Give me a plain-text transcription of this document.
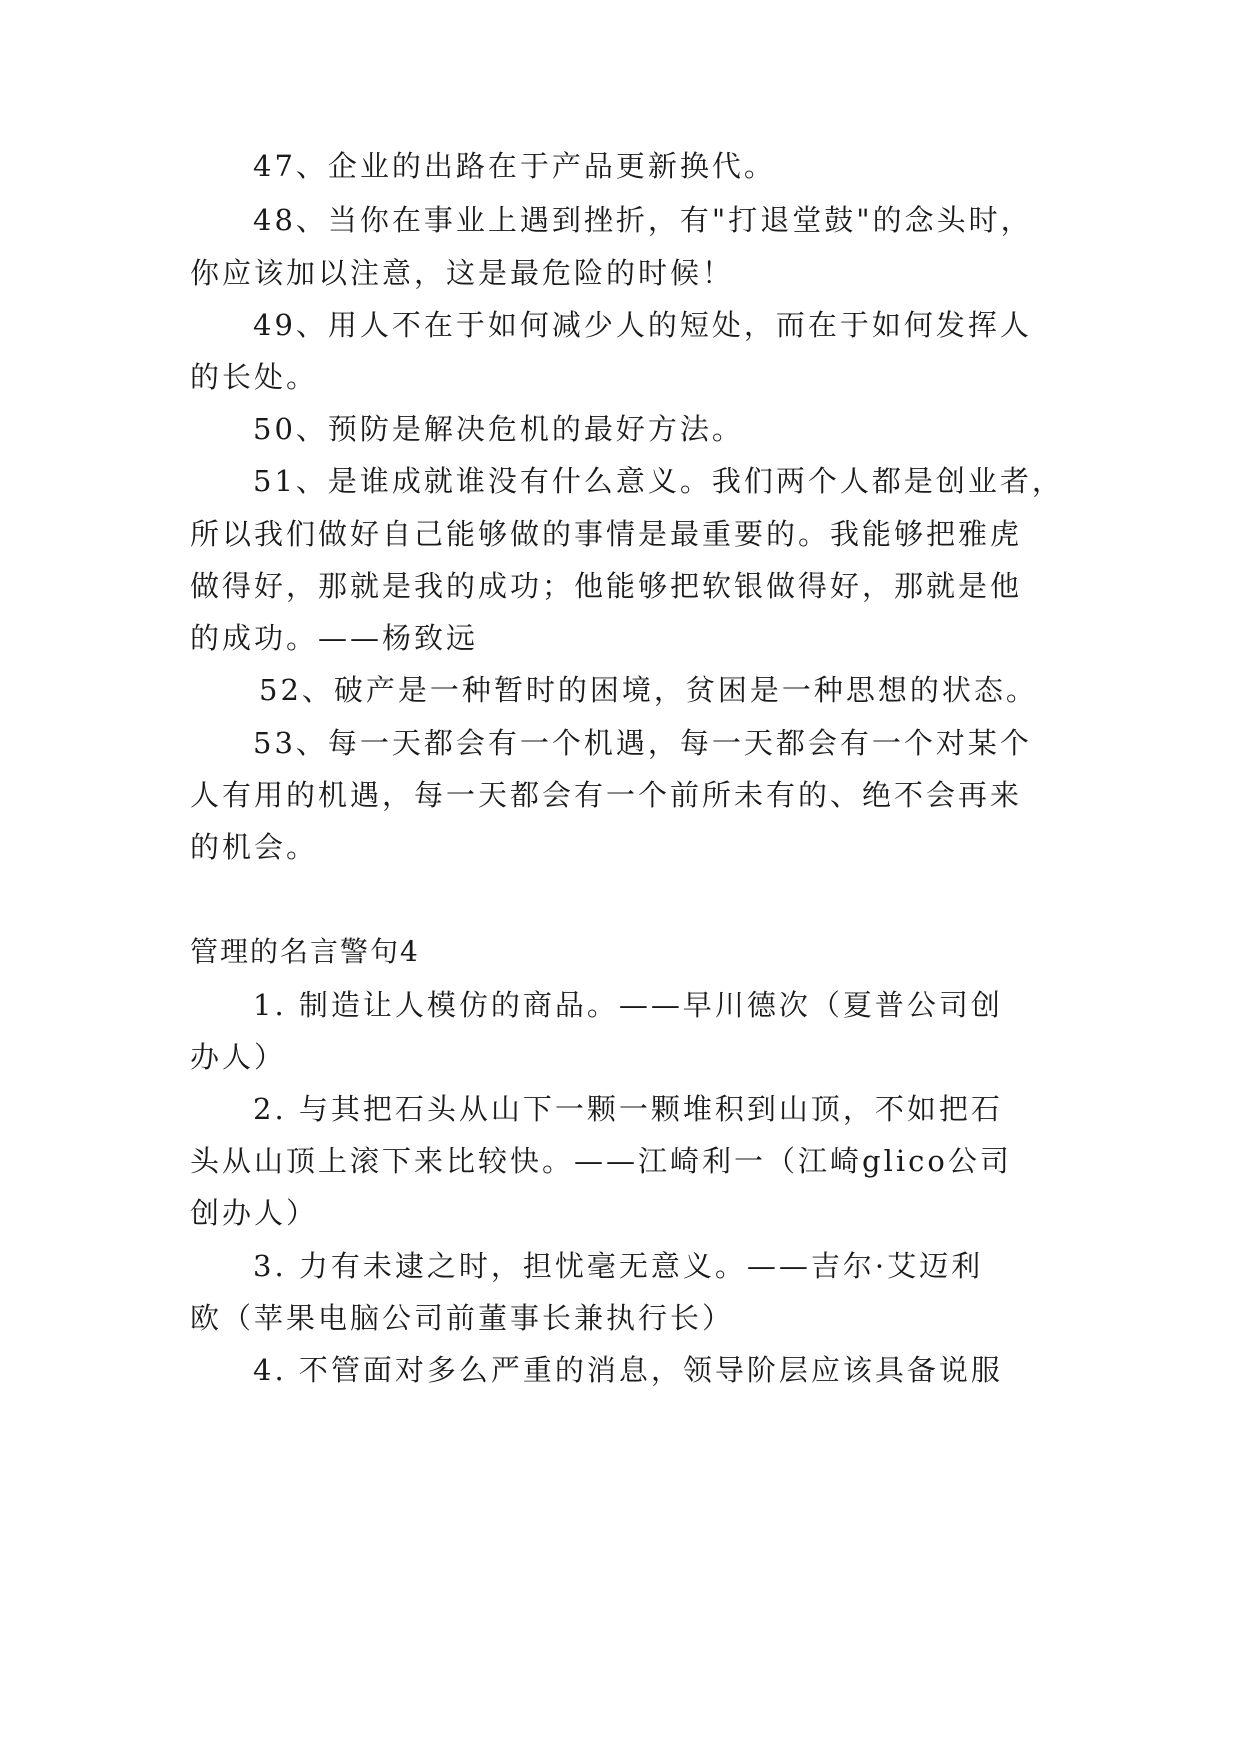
47、企业的出路在于产品更新换代。
48、当你在事业上遇到挫折，有"打退堂鼓"的念头时，
你应该加以注意，这是最危险的时候！
49、用人不在于如何减少人的短处，而在于如何发挥人
的长处。
50、预防是解决危机的最好方法。
51、是谁成就谁没有什么意义。我们两个人都是创业者，
所以我们做好自己能够做的事情是最重要的。我能够把雅虎
做得好，那就是我的成功；他能够把软银做得好，那就是他
的成功。——杨致远
52、破产是一种暂时的困境，贫困是一种思想的状态。
53、每一天都会有一个机遇，每一天都会有一个对某个
人有用的机遇，每一天都会有一个前所未有的、绝不会再来
的机会。
管理的名言警句4
1. 制造让人模仿的商品。——早川德次（夏普公司创
办人）
2. 与其把石头从山下一颗一颗堆积到山顶，不如把石
头从山顶上滚下来比较快。——江崎利一（江崎glico公司
创办人）
3. 力有未逮之时，担忧毫无意义。——吉尔·艾迈利
欧（苹果电脑公司前董事长兼执行长）
4. 不管面对多么严重的消息，领导阶层应该具备说服
